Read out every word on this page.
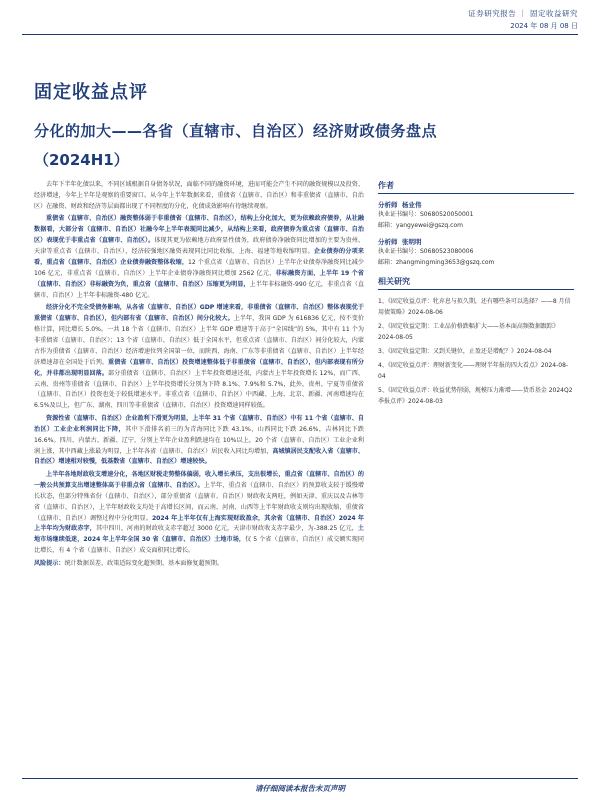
证券研究报告 ｜ 固定收益研究
2024 年 08 月 08 日
固定收益点评
分化的加大——各省（直辖市、自治区）经济财政债务盘点
（2024H1）

去年下半年化债以来，不同区域根据自身债务状况，面临不同的融资环境，进而可能会产生不同的融资规模以及投资、经济增速，今年上半年是观察的重要窗口。从今年上半年数据来看，重债省（直辖市、自治区）和非重债省（直辖市、自治区）在融资、财政和经济等层面都出现了不同程度的分化，化债成效影响有待继续观察。

重债省（直辖市、自治区）融资整体弱于非重债省（直辖市、自治区），结构上分化加大，更为依赖政府债券，从社融数据看，大部分省（直辖市、自治区）社融今年上半年表现同比减少，从结构上来看，政府债券为重点省（直辖市、自治区）表现优于非重点省（直辖市、自治区）。体现其更为依赖地方政府显性债务，政府债券净融资同比增加的主要为贵州、天津等重点省（直辖市、自治区），经济较强地区融资表现同比同比收缩，上海、福建等地收缩明显。企业债券的分项来看，重点省（直辖市、自治区）企业债券融资整体收缩，12 个重点省（直辖市、自治区）上半年企业债券净融资同比减少 106 亿元，非重点省（直辖市、自治区）上半年企业债券净融资同比增加 2562 亿元，非标融资方面，上半年 19 个省（直辖市、自治区）非标融资为负，重点省（直辖市、自治区）压缩更为明显，上半年非标融资-990 亿元，非重点省（直辖市、自治区）上半年非标融资-480 亿元。

经济分化不完全受债务影响，从各省（直辖市、自治区）GDP 增速来看，非重债省（直辖市、自治区）整体表现优于重债省（直辖市、自治区），但内部有省（直辖市、自治区）间分化较大。上半年，我国 GDP 为 616836 亿元，按不变价格计算，同比增长 5.0%。一共 18 个省（直辖市、自治区）上半年 GDP 增速等于高于“全国线”的 5%，其中有 11 个为非重债省（直辖市、自治区）；13 个省（直辖市、自治区）低于全国水平，但重点省（直辖市、自治区）间分化较大，内蒙古作为重债省（直辖市、自治区）经济增速位列全国第一位，而陕西、海南、广东等非重债省（直辖市、自治区）上半年经济增速却在全国处于后列。重债省（直辖市、自治区）投资增速整体低于非重债省（直辖市、自治区），但内部表现有所分化，并非都出现明显回落。部分重债省（直辖市、自治区）上半年投资增速还很，内蒙古上半年投资增长 12%，而广西、云南、贵州等重债省（直辖市、自治区）上半年投资增长分别为下降 8.1%、7.9%和 5.7%，此外，贵州、宁夏等重债省（直辖市、自治区）投资也处于较低增速水平。非重点省（直辖市、自治区）中西藏、上海、北京、新疆、河南增速均在 6.5%及以上，但广东、湖南、四川等非重债省（直辖市、自治区）投资增速同样较低。

资源性省（直辖市、自治区）企业盈利下滑更为明显，上半年 31 个省（直辖市、自治区）中有 11 个省（直辖市、自治区）工业企业利润同比下降，其中下滑排名前三的为青海同比下跌 43.1%，山西同比下跌 26.6%，吉林同比下跌 16.6%。四川、内蒙古、新疆、辽宁，分别上半年企业盈利跌速均在 10%以上，20 个省（直辖市、自治区）工业企业利润上涨，其中西藏上涨最为明显，上半年各省（直辖市、自治区）居民收入同比均增加，高城镇居民支配收入省（直辖市、自治区）增速相对较慢，低基数省（直辖市、自治区）增速较快。

上半年各地财政收支增速分化，各地区财税走势整体偏弱，收入增长承压，支出很增长，重点省（直辖市、自治区）的一般公共预算支出增速整体高于非重点省（直辖市、自治区）。上半年，重点省（直辖市、自治区）的预算收支较于缓慢增长状态，但部分特殊省份（直辖市、自治区），部分重债省（直辖市、自治区）财政收支两旺，例如天津、重庆以及吉林等省（直辖市、自治区），上半年财政收支均处于高增长区间，而云南、河南、山西等上半年财政收支则均出现收缩，重债省（直辖市、自治区）调整过程中分化明显。2024 年上半年仅有上海实现财政盈余，其余省（直辖市、自治区）2024 年上半年均为财政赤字，其中四川、河南的财政收支赤字超过 3000 亿元，天津市财政收支赤字最少，为-388.25 亿元，土地市场继续低迷，2024 年上半年全国 30 省（直辖市、自治区）土地市场，仅 5 个省（直辖市、自治区）成交额实现同比增长，有 4 个省（直辖市、自治区）成交面积同比增长。

风险提示：统计数据误差、政策适际变化超预期、基本面修复超预期。

作者
分析师 杨业伟
执业证书编号：S0680520050001
邮箱：yangyewei@gszq.com
分析师 张明明
执业证书编号：S0680523080006
邮箱：zhangmingming3653@gszq.com
相关研究
1、《固定收益点评：牝弃息与拟久期，还有哪些条可以选择？——8 月信用债策略》2024-08-06
2、《固定收益定期：工业品价格跌幅扩大——基本面高频数据跟踪》2024-08-05
3、《固定收益定期：又到关键位，止盈还是增配？》2024-08-04
4、《固定收益点评：理财新变化——理财半年报的四大看点》2024-08-04
5、《固定收益点评：收益优势削弱，规模压力渐增——货币基金 2024Q2 季报点评》2024-08-03
请仔细阅读本报告末页声明
